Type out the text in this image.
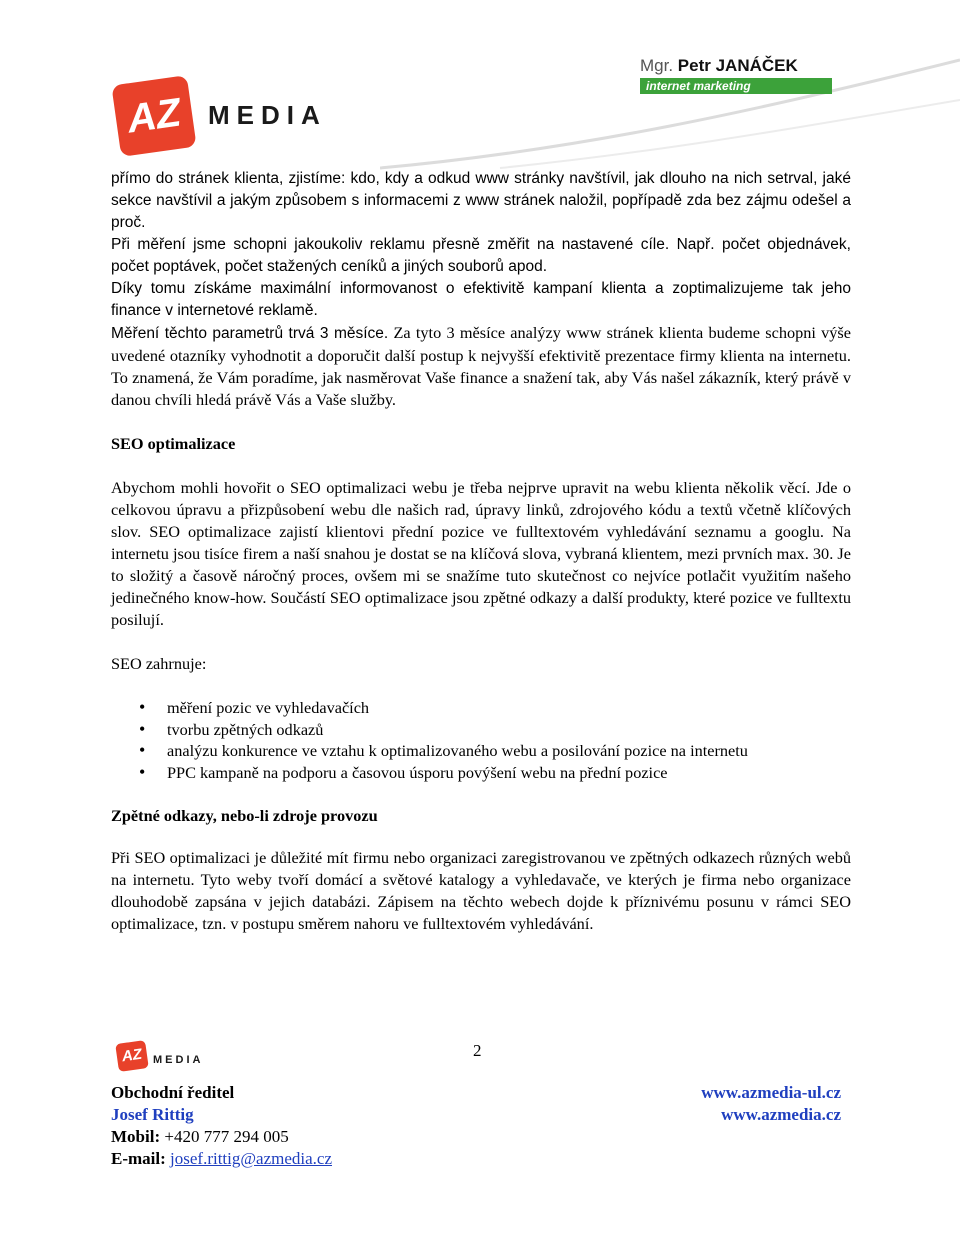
AZ MEDIA
Mgr. Petr JANÁČEK
internet marketing

přímo do stránek klienta, zjistíme: kdo, kdy a odkud www stránky navštívil, jak dlouho na nich setrval, jaké sekce navštívil a jakým způsobem s informacemi z www stránek naložil, popřípadě zda bez zájmu odešel a proč.

Při měření jsme schopni jakoukoliv reklamu přesně změřit na nastavené cíle. Např. počet objednávek, počet poptávek, počet stažených ceníků a jiných souborů apod.

Díky tomu získáme maximální informovanost o efektivitě kampaní klienta a zoptimalizujeme tak jeho finance v internetové reklamě.

Měření těchto parametrů trvá 3 měsíce. Za tyto 3 měsíce analýzy www stránek klienta budeme schopni výše uvedené otazníky vyhodnotit a doporučit další postup k nejvyšší efektivitě prezentace firmy klienta na internetu. To znamená, že Vám poradíme, jak nasměrovat Vaše finance a snažení tak, aby Vás našel zákazník, který právě v danou chvíli hledá právě Vás a Vaše služby.

SEO optimalizace

Abychom mohli hovořit o SEO optimalizaci webu je třeba nejprve upravit na webu klienta několik věcí. Jde o celkovou úpravu a přizpůsobení webu dle našich rad, úpravy linků, zdrojového kódu a textů včetně klíčových slov. SEO optimalizace zajistí klientovi přední pozice ve fulltextovém vyhledávání seznamu a googlu. Na internetu jsou tisíce firem a naší snahou je dostat se na klíčová slova, vybraná klientem, mezi prvních max. 30. Je to složitý a časově náročný proces, ovšem mi se snažíme tuto skutečnost co nejvíce potlačit využitím našeho jedinečného know-how. Součástí SEO optimalizace jsou zpětné odkazy a další produkty, které pozice ve fulltextu posilují.

SEO zahrnuje:

• měření pozic ve vyhledavačích
• tvorbu zpětných odkazů
• analýzu konkurence ve vztahu k optimalizovaného webu a posilování pozice na internetu
• PPC kampaně na podporu a časovou úsporu povýšení webu na přední pozice

Zpětné odkazy, nebo-li zdroje provozu

Při SEO optimalizaci je důležité mít firmu nebo organizaci zaregistrovanou ve zpětných odkazech různých webů na internetu. Tyto weby tvoří domácí a světové katalogy a vyhledavače, ve kterých je firma nebo organizace dlouhodobě zapsána v jejich databázi. Zápisem na těchto webech dojde k příznivému posunu v rámci SEO optimalizace, tzn. v postupu směrem nahoru ve fulltextovém vyhledávání.

AZ MEDIA	2
Obchodní ředitel	www.azmedia-ul.cz
Josef Rittig	www.azmedia.cz
Mobil: +420 777 294 005
E-mail: josef.rittig@azmedia.cz
